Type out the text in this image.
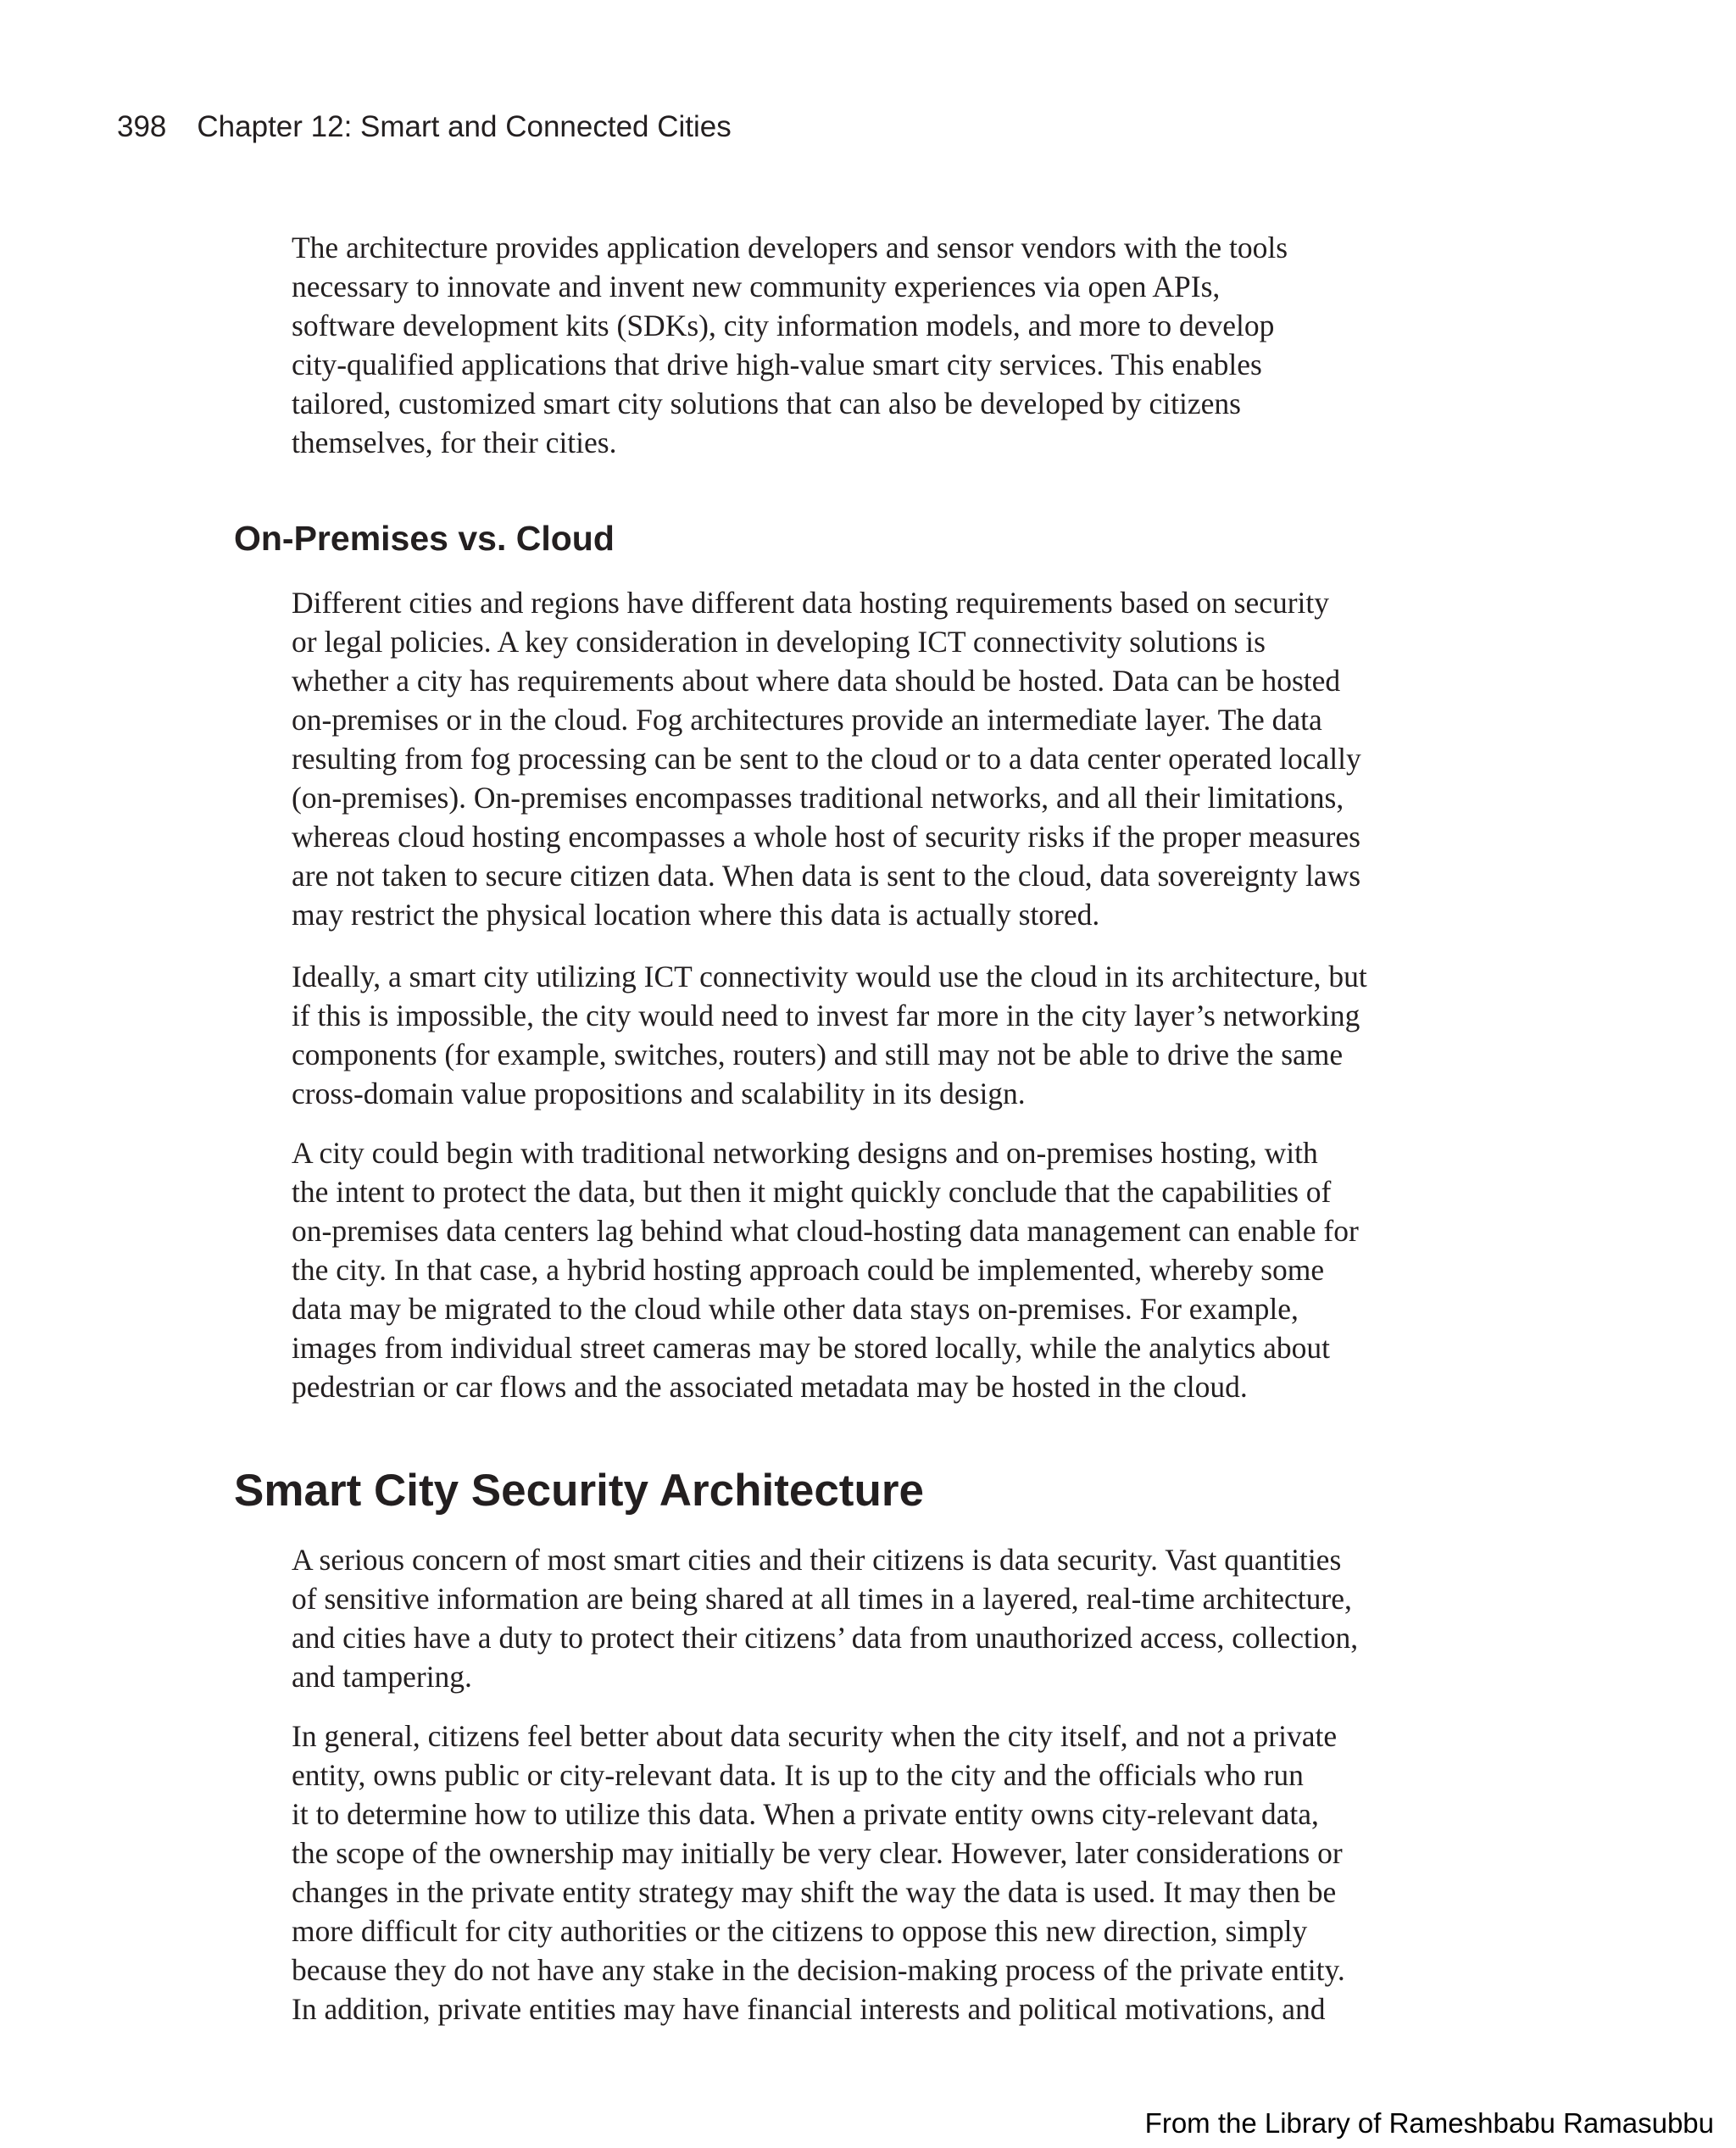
398 Chapter 12: Smart and Connected Cities
The architecture provides application developers and sensor vendors with the tools
necessary to innovate and invent new community experiences via open APIs,
software development kits (SDKs), city information models, and more to develop
city-qualified applications that drive high-value smart city services. This enables
tailored, customized smart city solutions that can also be developed by citizens
themselves, for their cities.
On-Premises vs. Cloud
Different cities and regions have different data hosting requirements based on security
or legal policies. A key consideration in developing ICT connectivity solutions is
whether a city has requirements about where data should be hosted. Data can be hosted
on-premises or in the cloud. Fog architectures provide an intermediate layer. The data
resulting from fog processing can be sent to the cloud or to a data center operated locally
(on-premises). On-premises encompasses traditional networks, and all their limitations,
whereas cloud hosting encompasses a whole host of security risks if the proper measures
are not taken to secure citizen data. When data is sent to the cloud, data sovereignty laws
may restrict the physical location where this data is actually stored.
Ideally, a smart city utilizing ICT connectivity would use the cloud in its architecture, but
if this is impossible, the city would need to invest far more in the city layer’s networking
components (for example, switches, routers) and still may not be able to drive the same
cross-domain value propositions and scalability in its design.
A city could begin with traditional networking designs and on-premises hosting, with
the intent to protect the data, but then it might quickly conclude that the capabilities of
on-premises data centers lag behind what cloud-hosting data management can enable for
the city. In that case, a hybrid hosting approach could be implemented, whereby some
data may be migrated to the cloud while other data stays on-premises. For example,
images from individual street cameras may be stored locally, while the analytics about
pedestrian or car flows and the associated metadata may be hosted in the cloud.
Smart City Security Architecture
A serious concern of most smart cities and their citizens is data security. Vast quantities
of sensitive information are being shared at all times in a layered, real-time architecture,
and cities have a duty to protect their citizens’ data from unauthorized access, collection,
and tampering.
In general, citizens feel better about data security when the city itself, and not a private
entity, owns public or city-relevant data. It is up to the city and the officials who run
it to determine how to utilize this data. When a private entity owns city-relevant data,
the scope of the ownership may initially be very clear. However, later considerations or
changes in the private entity strategy may shift the way the data is used. It may then be
more difficult for city authorities or the citizens to oppose this new direction, simply
because they do not have any stake in the decision-making process of the private entity.
In addition, private entities may have financial interests and political motivations, and
From the Library of Rameshbabu Ramasubbu
